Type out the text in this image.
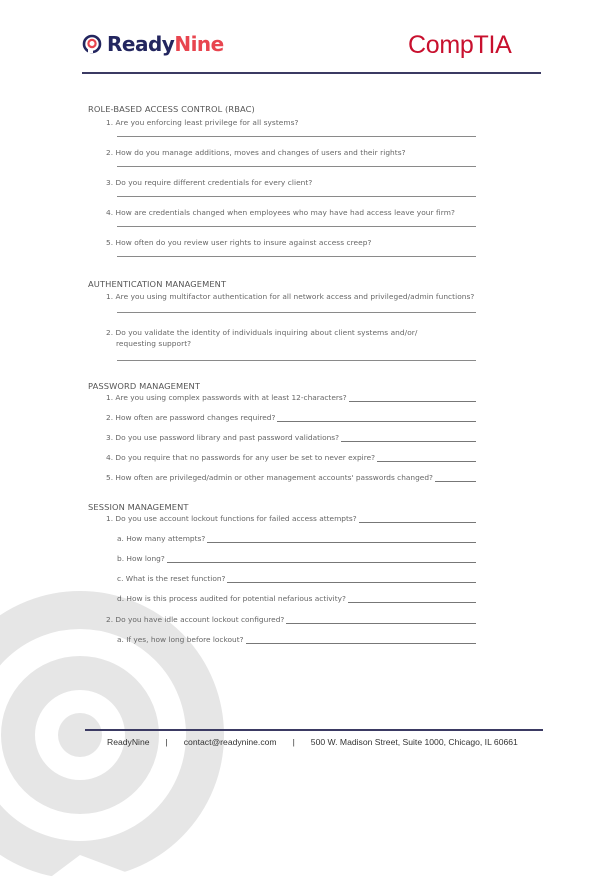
Ready Nine	CompTIA
ROLE-BASED ACCESS CONTROL (RBAC)
1. Are you enforcing least privilege for all systems?
2. How do you manage additions, moves and changes of users and their rights?
3. Do you require different credentials for every client?
4. How are credentials changed when employees who may have had access leave your firm?
5. How often do you review user rights to insure against access creep?
AUTHENTICATION MANAGEMENT
1. Are you using multifactor authentication for all network access and privileged/admin functions?
2. Do you validate the identity of individuals inquiring about client systems and/or/
requesting support?
PASSWORD MANAGEMENT
1. Are you using complex passwords with at least 12-characters?
2. How often are password changes required?
3. Do you use password library and past password validations?
4. Do you require that no passwords for any user be set to never expire?
5. How often are privileged/admin or other management accounts' passwords changed?
SESSION MANAGEMENT
1. Do you use account lockout functions for failed access attempts?
a. How many attempts?
b. How long?
c. What is the reset function?
d. How is this process audited for potential nefarious activity?
2. Do you have idle account lockout configured?
a. If yes, how long before lockout?
ReadyNine | contact@readynine.com | 500 W. Madison Street, Suite 1000, Chicago, IL 60661
